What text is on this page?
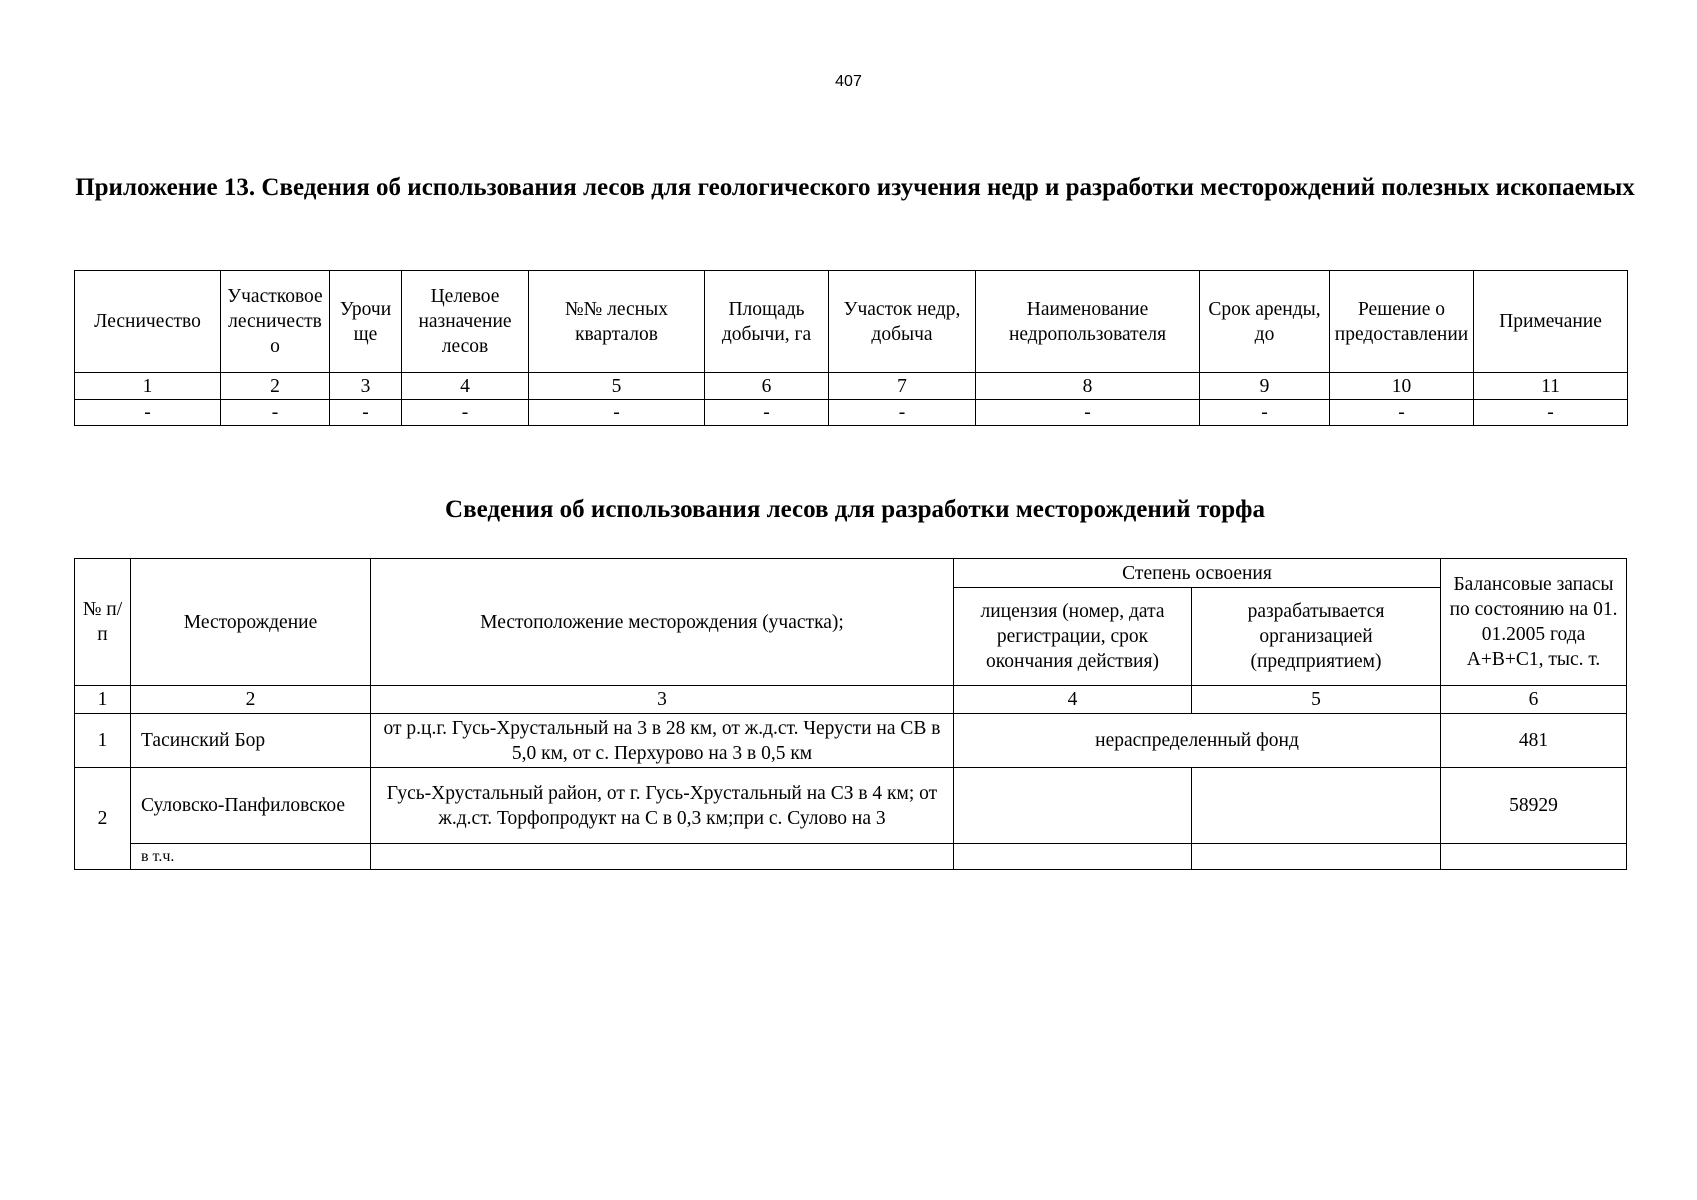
407
Приложение 13. Сведения об использования лесов для геологического изучения недр и разработки месторождений полезных ископаемых
Лесничество	Участковое лесничество	Урочище	Целевое назначение лесов	№№ лесных кварталов	Площадь добычи, га	Участок недр, добыча	Наименование недропользователя	Срок аренды, до	Решение о предоставлении	Примечание
1	2	3	4	5	6	7	8	9	10	11
-	-	-	-	-	-	-	-	-	-	-
Сведения об использования лесов для разработки месторождений торфа
№ п/п	Месторождение	Местоположение месторождения (участка);	Степень освоения		Балансовые запасы по состоянию на 01. 01.2005 года А+В+С1, тыс. т.
			лицензия (номер, дата регистрации, срок окончания действия)	разрабатывается организацией (предприятием)	
1	2	3	4	5	6
1	Тасинский Бор	от р.ц.г. Гусь-Хрустальный на 3 в 28 км, от ж.д.ст. Черусти на СВ в 5,0 км, от с. Перхурово на 3 в 0,5 км	нераспределенный фонд		481
2	Суловско-Панфиловское	Гусь-Хрустальный район, от г. Гусь-Хрустальный на СЗ в 4 км; от ж.д.ст. Торфопродукт на С в 0,3 км;при с. Сулово на 3			58929
	в т.ч.				
